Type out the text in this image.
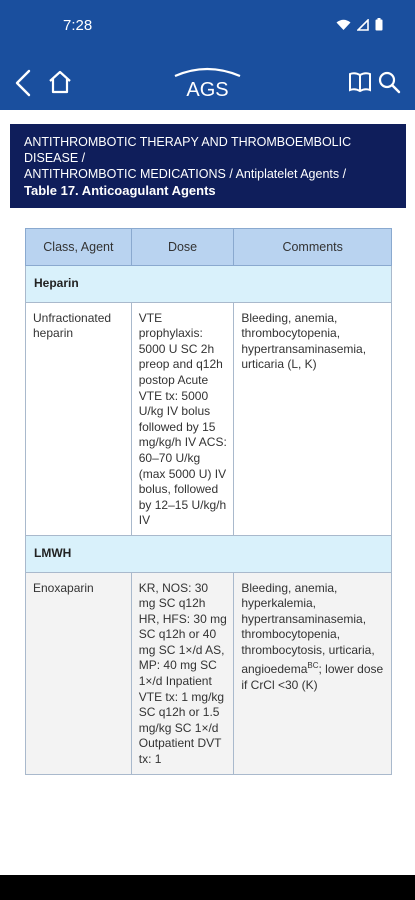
7:28
AGS
ANTITHROMBOTIC THERAPY AND THROMBOEMBOLIC DISEASE /
ANTITHROMBOTIC MEDICATIONS / Antiplatelet Agents /
Table 17. Anticoagulant Agents
Class, Agent	Dose	Comments
Heparin		
Unfractionated heparin	VTE prophylaxis: 5000 U SC 2h preop and q12h postop Acute VTE tx: 5000 U/kg IV bolus followed by 15 mg/kg/h IV ACS: 60–70 U/kg (max 5000 U) IV bolus, followed by 12–15 U/kg/h IV	Bleeding, anemia, thrombocytopenia, hypertransaminasemia, urticaria (L, K)
LMWH		
Enoxaparin	KR, NOS: 30 mg SC q12h HR, HFS: 30 mg SC q12h or 40 mg SC 1×/d AS, MP: 40 mg SC 1×/d Inpatient VTE tx: 1 mg/kg SC q12h or 1.5 mg/kg SC 1×/d Outpatient DVT tx: 1	Bleeding, anemia, hyperkalemia, hypertransaminasemia, thrombocytopenia, thrombocytosis, urticaria, angioedema$^{BC}$; lower dose if CrCl <30 (K)
